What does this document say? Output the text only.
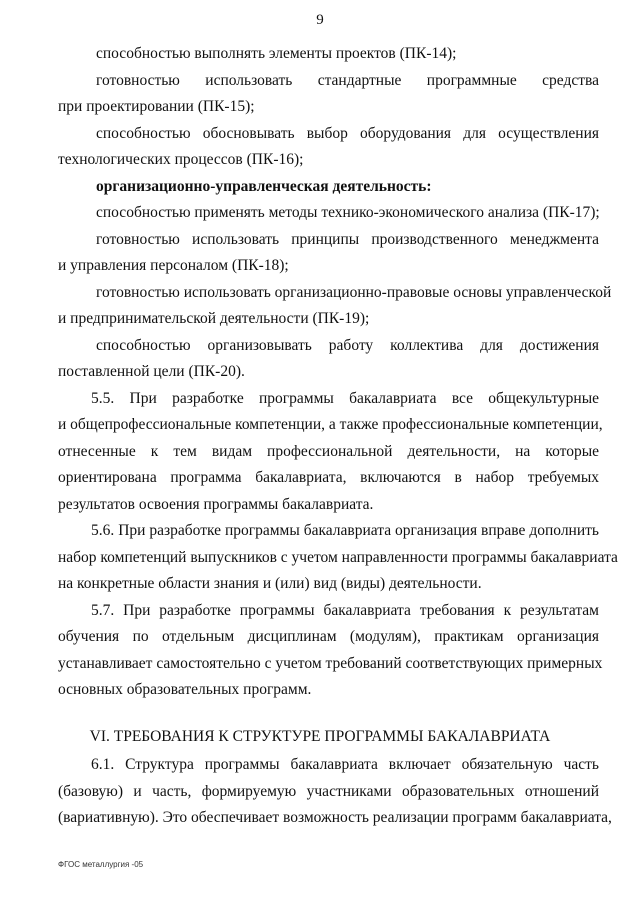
9
способностью выполнять элементы проектов (ПК-14);
готовностью использовать стандартные программные средства
при проектировании (ПК-15);
способностью обосновывать выбор оборудования для осуществления
технологических процессов (ПК-16);
организационно-управленческая деятельность:
способностью применять методы технико-экономического анализа (ПК-17);
готовностью использовать принципы производственного менеджмента
и управления персоналом (ПК-18);
готовностью использовать организационно-правовые основы управленческой
и предпринимательской деятельности (ПК-19);
способностью организовывать работу коллектива для достижения
поставленной цели (ПК-20).
5.5. При разработке программы бакалавриата все общекультурные
и общепрофессиональные компетенции, а также профессиональные компетенции,
отнесенные к тем видам профессиональной деятельности, на которые
ориентирована программа бакалавриата, включаются в набор требуемых
результатов освоения программы бакалавриата.
5.6. При разработке программы бакалавриата организация вправе дополнить
набор компетенций выпускников с учетом направленности программы бакалавриата
на конкретные области знания и (или) вид (виды) деятельности.
5.7. При разработке программы бакалавриата требования к результатам
обучения по отдельным дисциплинам (модулям), практикам организация
устанавливает самостоятельно с учетом требований соответствующих примерных
основных образовательных программ.
VI. ТРЕБОВАНИЯ К СТРУКТУРЕ ПРОГРАММЫ БАКАЛАВРИАТА
6.1. Структура программы бакалавриата включает обязательную часть
(базовую) и часть, формируемую участниками образовательных отношений
(вариативную). Это обеспечивает возможность реализации программ бакалавриата,
ФГОС металлургия -05
